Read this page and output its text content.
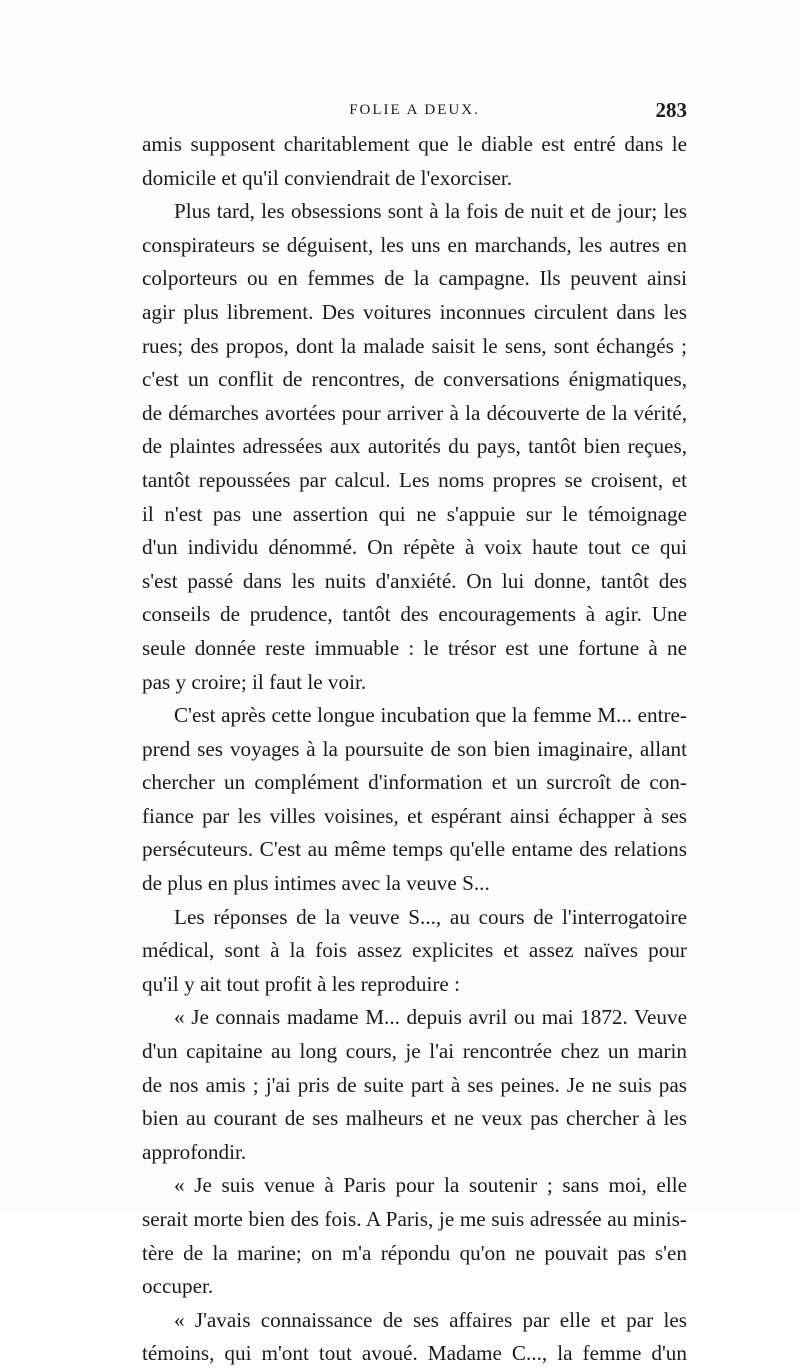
FOLIE A DEUX.	283
amis supposent charitablement que le diable est entré dans le
domicile et qu'il conviendrait de l'exorciser.
Plus tard, les obsessions sont à la fois de nuit et de jour; les
conspirateurs se déguisent, les uns en marchands, les autres en
colporteurs ou en femmes de la campagne. Ils peuvent ainsi
agir plus librement. Des voitures inconnues circulent dans les
rues; des propos, dont la malade saisit le sens, sont échangés ;
c'est un conflit de rencontres, de conversations énigmatiques,
de démarches avortées pour arriver à la découverte de la vérité,
de plaintes adressées aux autorités du pays, tantôt bien reçues,
tantôt repoussées par calcul. Les noms propres se croisent, et
il n'est pas une assertion qui ne s'appuie sur le témoignage
d'un individu dénommé. On répète à voix haute tout ce qui
s'est passé dans les nuits d'anxiété. On lui donne, tantôt des
conseils de prudence, tantôt des encouragements à agir. Une
seule donnée reste immuable : le trésor est une fortune à ne
pas y croire; il faut le voir.
C'est après cette longue incubation que la femme M... entre-
prend ses voyages à la poursuite de son bien imaginaire, allant
chercher un complément d'information et un surcroît de con-
fiance par les villes voisines, et espérant ainsi échapper à ses
persécuteurs. C'est au même temps qu'elle entame des relations
de plus en plus intimes avec la veuve S...
Les réponses de la veuve S..., au cours de l'interrogatoire
médical, sont à la fois assez explicites et assez naïves pour
qu'il y ait tout profit à les reproduire :
« Je connais madame M... depuis avril ou mai 1872. Veuve
d'un capitaine au long cours, je l'ai rencontrée chez un marin
de nos amis ; j'ai pris de suite part à ses peines. Je ne suis pas
bien au courant de ses malheurs et ne veux pas chercher à les
approfondir.
« Je suis venue à Paris pour la soutenir ; sans moi, elle
serait morte bien des fois. A Paris, je me suis adressée au minis-
tère de la marine; on m'a répondu qu'on ne pouvait pas s'en
occuper.
« J'avais connaissance de ses affaires par elle et par les
témoins, qui m'ont tout avoué. Madame C..., la femme d'un
